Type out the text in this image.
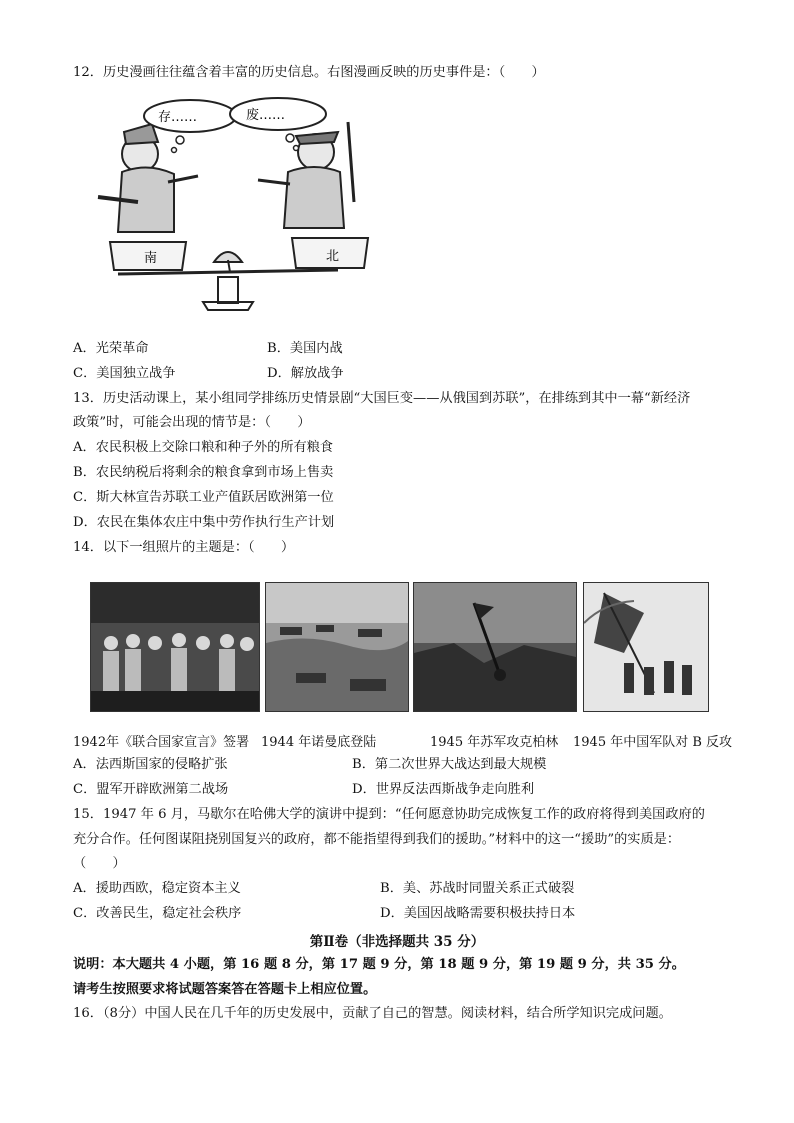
12．历史漫画往往蕴含着丰富的历史信息。右图漫画反映的历史事件是：（　　）
南	北
存……	废……
A．光荣革命	B．美国内战
C．美国独立战争	D．解放战争
13．历史活动课上，某小组同学排练历史情景剧“大国巨变——从俄国到苏联”，在排练到其中一幕“新经济
政策”时，可能会出现的情节是：（　　）
A．农民积极上交除口粮和种子外的所有粮食
B．农民纳税后将剩余的粮食拿到市场上售卖
C．斯大林宣告苏联工业产值跃居欧洲第一位
D．农民在集体农庄中集中劳作执行生产计划
14．以下一组照片的主题是：（　　）
1942年《联合国家宣言》签署 1944 年诺曼底登陆	1945 年苏军攻克柏林 1945 年中国军队对 B 反攻
A．法西斯国家的侵略扩张	B．第二次世界大战达到最大规模
C．盟军开辟欧洲第二战场	D．世界反法西斯战争走向胜利
15．1947 年 6 月，马歇尔在哈佛大学的演讲中提到：“任何愿意协助完成恢复工作的政府将得到美国政府的
充分合作。任何图谋阻挠别国复兴的政府，都不能指望得到我们的援助。”材料中的这一“援助”的实质是：
（　　）
A．援助西欧，稳定资本主义	B．美、苏战时同盟关系正式破裂
C．改善民生，稳定社会秩序	D．美国因战略需要积极扶持日本
第Ⅱ卷（非选择题共 35 分）
说明：本大题共 4 小题，第 16 题 8 分，第 17 题 9 分，第 18 题 9 分，第 19 题 9 分，共 35 分。
请考生按照要求将试题答案答在答题卡上相应位置。
16．（8分）中国人民在几千年的历史发展中，贡献了自己的智慧。阅读材料，结合所学知识完成问题。
